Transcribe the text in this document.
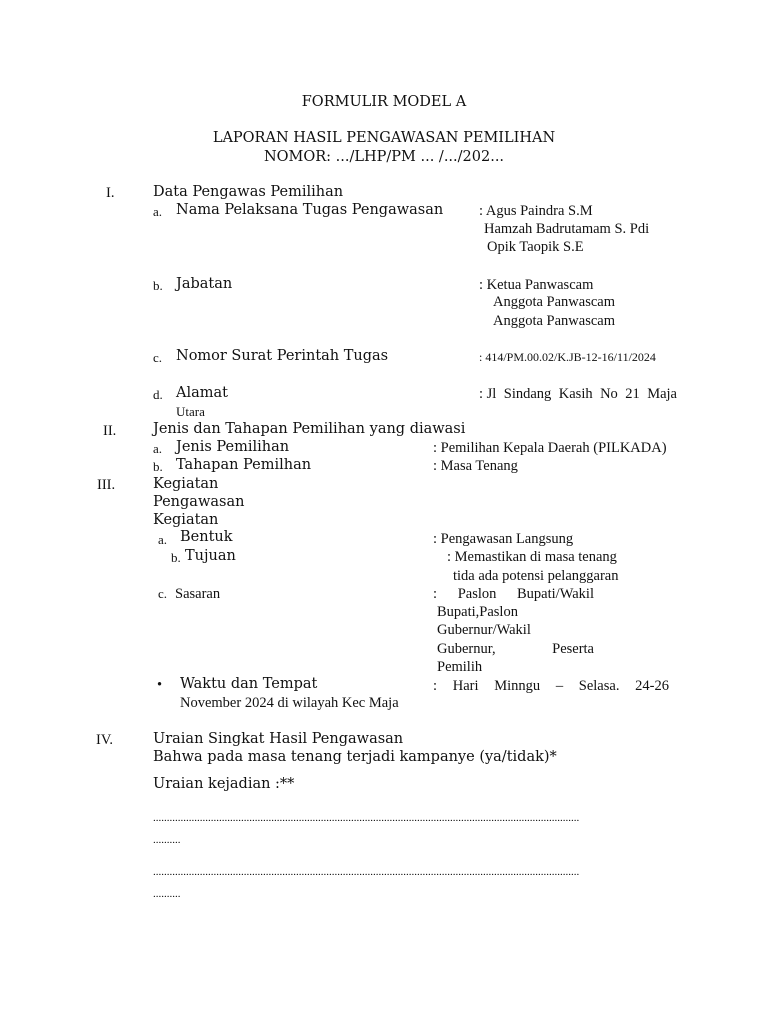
FORMULIR MODEL A
LAPORAN HASIL PENGAWASAN PEMILIHAN
NOMOR: .../LHP/PM ... /.../202...
I.	Data Pengawas Pemilihan
a. Nama Pelaksana Tugas Pengawasan : Agus Paindra S.M
Hamzah Badrutamam S. Pdi
Opik Taopik S.E
b. Jabatan	: Ketua Panwascam
Anggota Panwascam
Anggota Panwascam
c. Nomor Surat Perintah Tugas	: 414/PM.00.02/K.JB-12-16/11/2024
d. Alamat	: Jl Sindang Kasih No 21 Maja
Utara
II.	Jenis dan Tahapan Pemilihan yang diawasi
a. Jenis Pemilihan	: Pemilihan Kepala Daerah (PILKADA)
b. Tahapan Pemilhan	: Masa Tenang
III.	Kegiatan
Pengawasan
Kegiatan
a. Bentuk	: Pengawasan Langsung
b. Tujuan	: Memastikan di masa tenang
tida ada potensi pelanggaran
c. Sasaran	: Paslon Bupati/Wakil
Bupati,Paslon
Gubernur/Wakil
Gubernur,	Peserta
Pemilih
• Waktu dan Tempat	: Hari Minngu – Selasa. 24-26
November 2024 di wilayah Kec Maja
IV.	Uraian Singkat Hasil Pengawasan
Bahwa pada masa tenang terjadi kampanye (ya/tidak)*
Uraian kejadian :**
...........................................................................................................................................................
..........
...........................................................................................................................................................
..........
